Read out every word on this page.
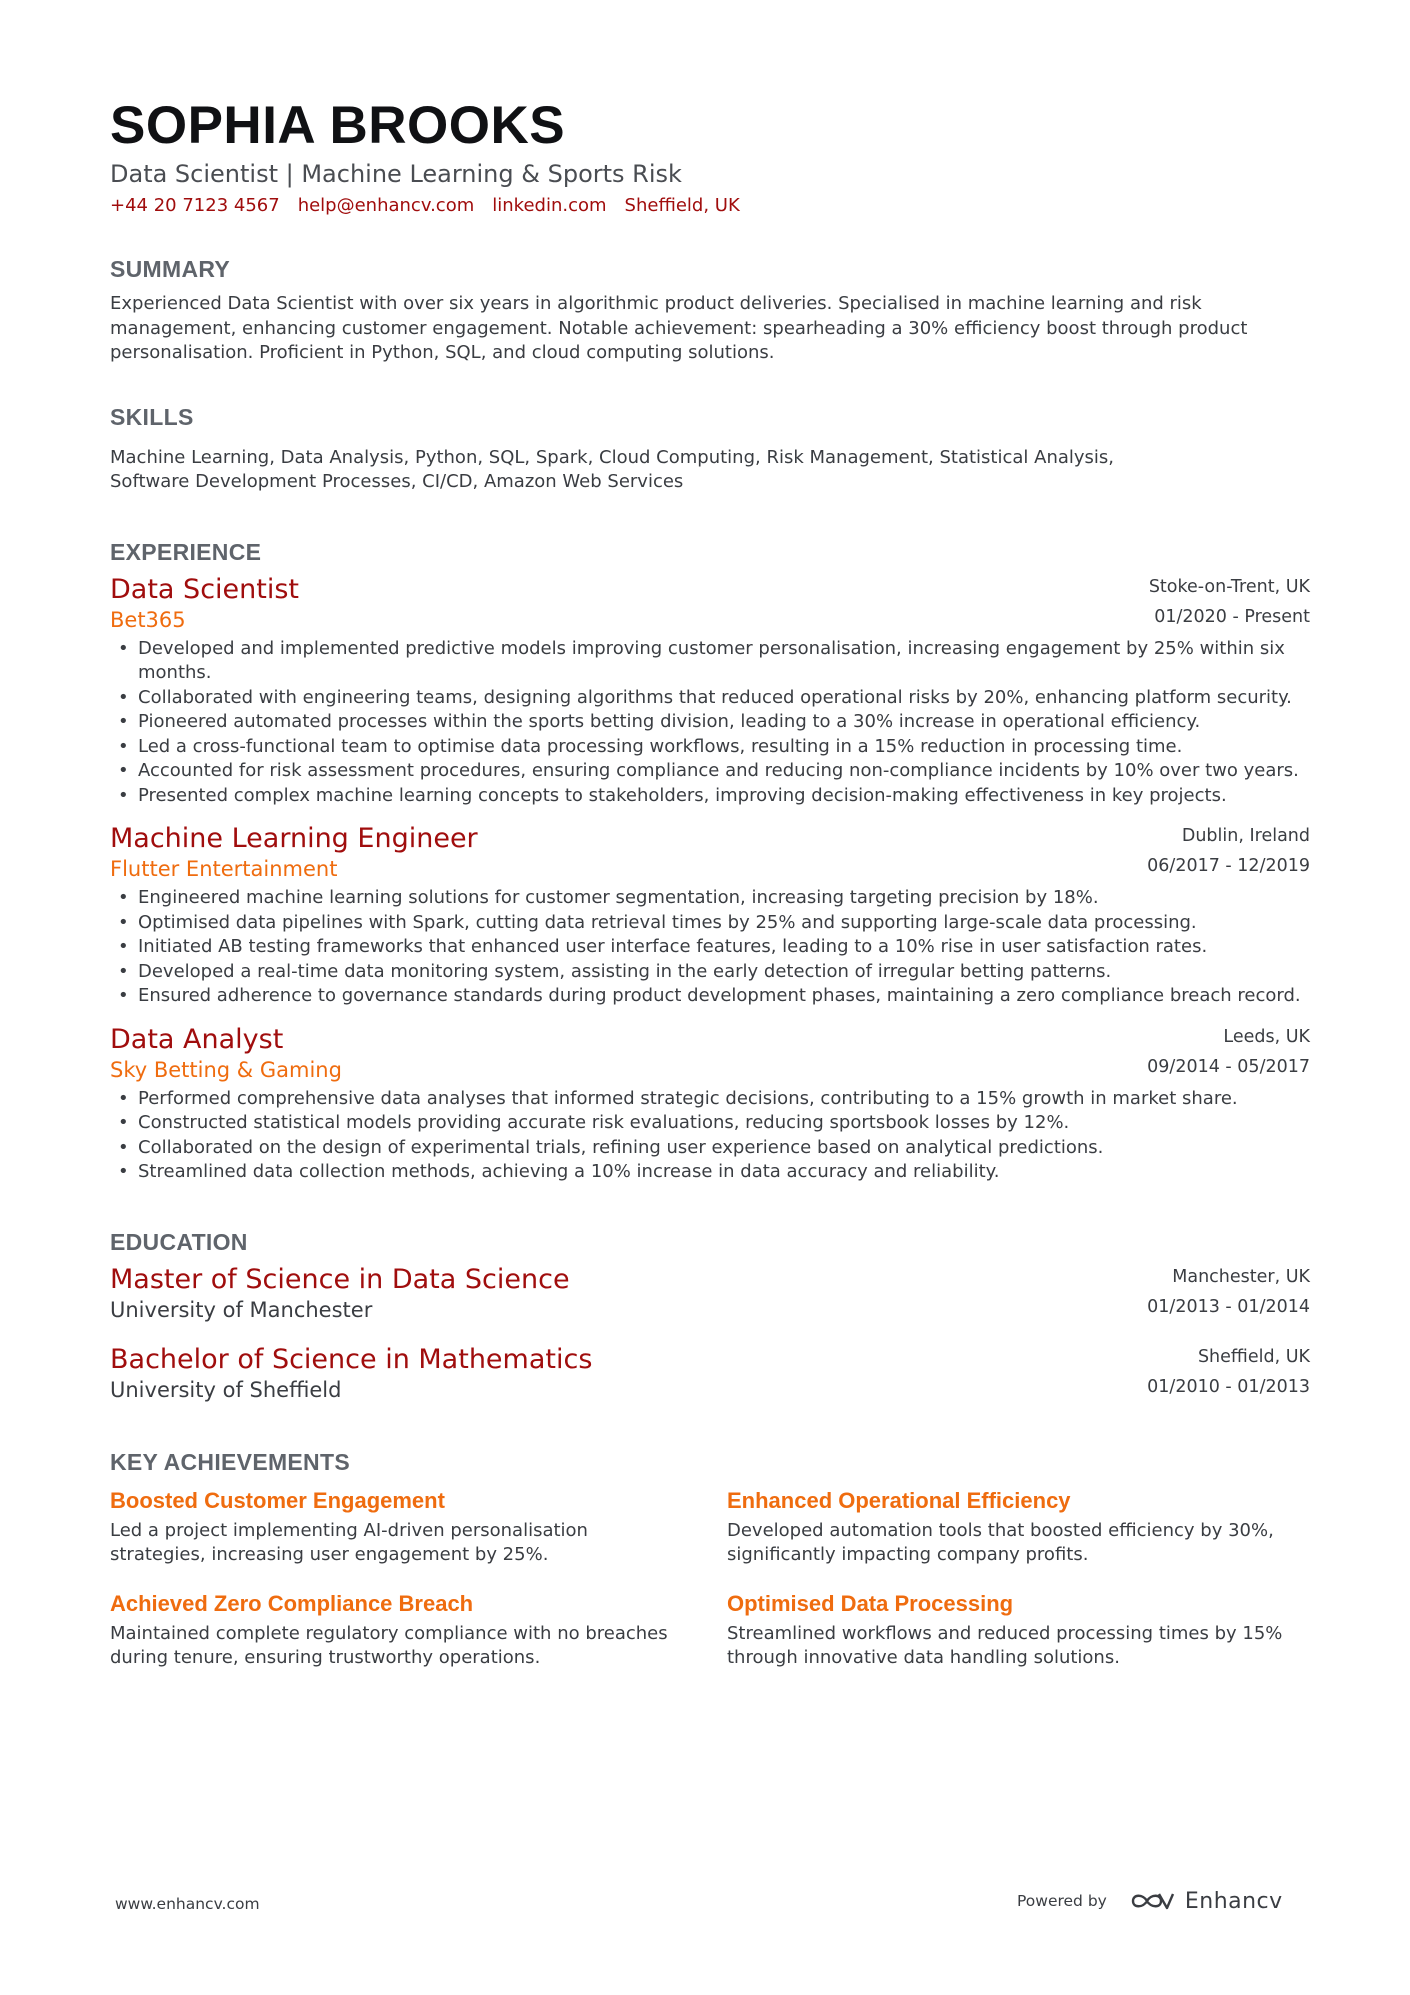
SOPHIA BROOKS
Data Scientist | Machine Learning & Sports Risk
+44 20 7123 4567 help@enhancv.com linkedin.com Sheffield, UK
SUMMARY
Experienced Data Scientist with over six years in algorithmic product deliveries. Specialised in machine learning and risk management, enhancing customer engagement. Notable achievement: spearheading a 30% efficiency boost through product personalisation. Proficient in Python, SQL, and cloud computing solutions.
SKILLS
Machine Learning, Data Analysis, Python, SQL, Spark, Cloud Computing, Risk Management, Statistical Analysis,
Software Development Processes, CI/CD, Amazon Web Services
EXPERIENCE
Data Scientist
Bet365
Stoke-on-Trent, UK
01/2020 - Present
• Developed and implemented predictive models improving customer personalisation, increasing engagement by 25% within six months.
• Collaborated with engineering teams, designing algorithms that reduced operational risks by 20%, enhancing platform security.
• Pioneered automated processes within the sports betting division, leading to a 30% increase in operational efficiency.
• Led a cross-functional team to optimise data processing workflows, resulting in a 15% reduction in processing time.
• Accounted for risk assessment procedures, ensuring compliance and reducing non-compliance incidents by 10% over two years.
• Presented complex machine learning concepts to stakeholders, improving decision-making effectiveness in key projects.
Machine Learning Engineer
Flutter Entertainment
Dublin, Ireland
06/2017 - 12/2019
• Engineered machine learning solutions for customer segmentation, increasing targeting precision by 18%.
• Optimised data pipelines with Spark, cutting data retrieval times by 25% and supporting large-scale data processing.
• Initiated AB testing frameworks that enhanced user interface features, leading to a 10% rise in user satisfaction rates.
• Developed a real-time data monitoring system, assisting in the early detection of irregular betting patterns.
• Ensured adherence to governance standards during product development phases, maintaining a zero compliance breach record.
Data Analyst
Sky Betting & Gaming
Leeds, UK
09/2014 - 05/2017
• Performed comprehensive data analyses that informed strategic decisions, contributing to a 15% growth in market share.
• Constructed statistical models providing accurate risk evaluations, reducing sportsbook losses by 12%.
• Collaborated on the design of experimental trials, refining user experience based on analytical predictions.
• Streamlined data collection methods, achieving a 10% increase in data accuracy and reliability.
EDUCATION
Master of Science in Data Science
University of Manchester
Manchester, UK
01/2013 - 01/2014
Bachelor of Science in Mathematics
University of Sheffield
Sheffield, UK
01/2010 - 01/2013
KEY ACHIEVEMENTS
Boosted Customer Engagement
Led a project implementing AI-driven personalisation strategies, increasing user engagement by 25%.
Enhanced Operational Efficiency
Developed automation tools that boosted efficiency by 30%, significantly impacting company profits.
Achieved Zero Compliance Breach
Maintained complete regulatory compliance with no breaches during tenure, ensuring trustworthy operations.
Optimised Data Processing
Streamlined workflows and reduced processing times by 15% through innovative data handling solutions.
www.enhancv.com	Powered by	Enhancv
